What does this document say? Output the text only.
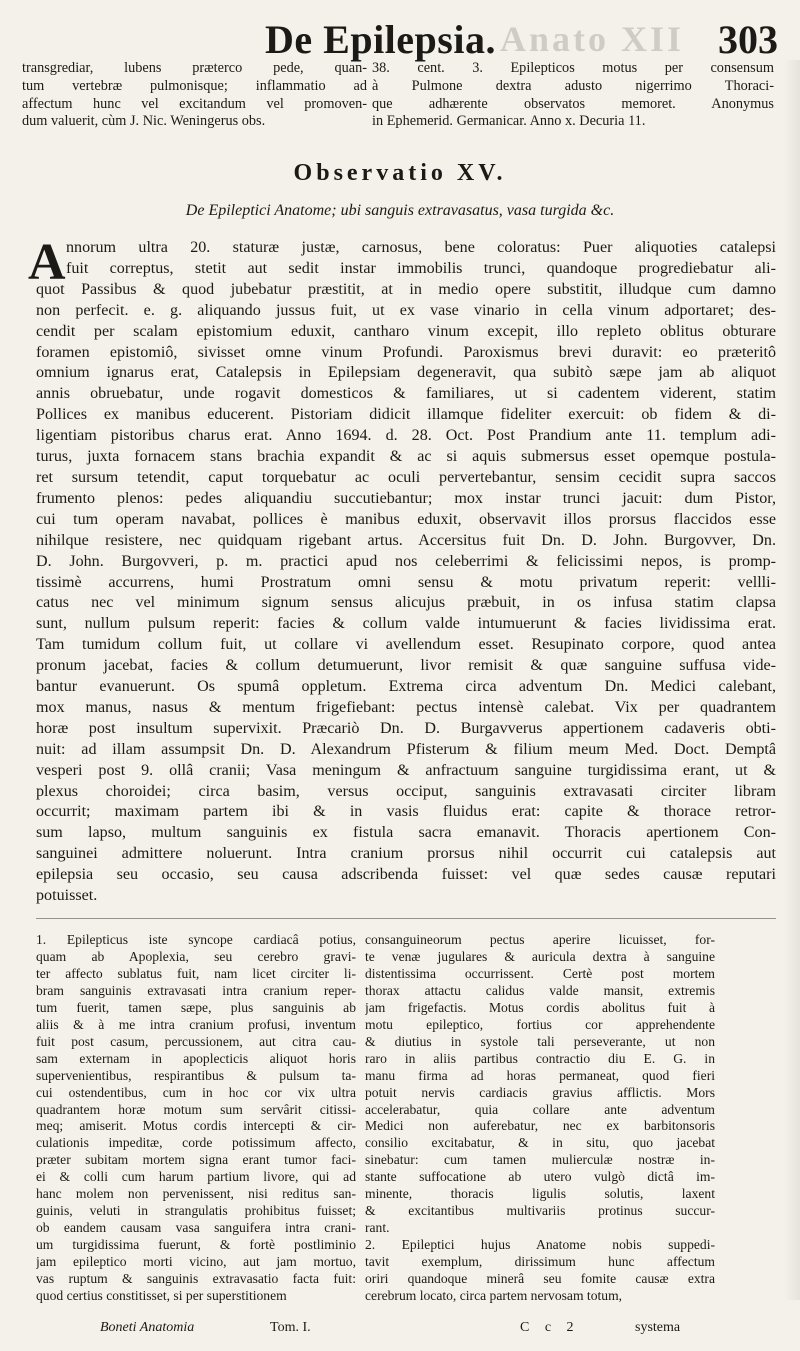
De Epilepsia. Anato XII 303
transgrediar, lubens præterco pede, quan-
tum vertebræ pulmonisque; inflammatio ad
affectum hunc vel excitandum vel promoven-
dum valuerit, cùm J. Nic. Weningerus obs.
38. cent. 3. Epilepticos motus per consensum
à Pulmone dextra adusto nigerrimo Thoraci-
que adhærente observatos memoret. Anonymus
in Ephemerid. Germanicar. Anno x. Decuria 11.
Observatio XV.
De Epileptici Anatome; ubi sanguis extravasatus, vasa turgida &c.
A nnorum ultra 20. staturæ justæ, carnosus, bene coloratus: Puer aliquoties catalepsi
fuit correptus, stetit aut sedit instar immobilis trunci, quandoque progrediebatur ali-
quot Passibus & quod jubebatur præstitit, at in medio opere substitit, illudque cum damno
non perfecit. e. g. aliquando jussus fuit, ut ex vase vinario in cella vinum adportaret; des-
cendit per scalam epistomium eduxit, cantharo vinum excepit, illo repleto oblitus obturare
foramen epistomiô, sivisset omne vinum Profundi. Paroxismus brevi duravit: eo præteritô
omnium ignarus erat, Catalepsis in Epilepsiam degeneravit, qua subitò sæpe jam ab aliquot
annis obruebatur, unde rogavit domesticos & familiares, ut si cadentem viderent, statim
Pollices ex manibus educerent. Pistoriam didicit illamque fideliter exercuit: ob fidem & di-
ligentiam pistoribus charus erat. Anno 1694. d. 28. Oct. Post Prandium ante 11. templum adi-
turus, juxta fornacem stans brachia expandit & ac si aquis submersus esset opemque postula-
ret sursum tetendit, caput torquebatur ac oculi pervertebantur, sensim cecidit supra saccos
frumento plenos: pedes aliquandiu succutiebantur; mox instar trunci jacuit: dum Pistor,
cui tum operam navabat, pollices è manibus eduxit, observavit illos prorsus flaccidos esse
nihilque resistere, nec quidquam rigebant artus. Accersitus fuit Dn. D. John. Burgovver, Dn.
D. John. Burgovveri, p. m. practici apud nos celeberrimi & felicissimi nepos, is promp-
tissimè accurrens, humi Prostratum omni sensu & motu privatum reperit: vellli-
catus nec vel minimum signum sensus alicujus præbuit, in os infusa statim clapsa
sunt, nullum pulsum reperit: facies & collum valde intumuerunt & facies lividissima erat.
Tam tumidum collum fuit, ut collare vi avellendum esset. Resupinato corpore, quod antea
pronum jacebat, facies & collum detumuerunt, livor remisit & quæ sanguine suffusa vide-
bantur evanuerunt. Os spumâ oppletum. Extrema circa adventum Dn. Medici calebant,
mox manus, nasus & mentum frigefiebant: pectus intensè calebat. Vix per quadrantem
horæ post insultum supervixit. Præcariò Dn. D. Burgavverus appertionem cadaveris obti-
nuit: ad illam assumpsit Dn. D. Alexandrum Pfisterum & filium meum Med. Doct. Demptâ
vesperi post 9. ollâ cranii; Vasa meningum & anfractuum sanguine turgidissima erant, ut &
plexus choroidei; circa basim, versus occiput, sanguinis extravasati circiter libram
occurrit; maximam partem ibi & in vasis fluidus erat: capite & thorace retror-
sum lapso, multum sanguinis ex fistula sacra emanavit. Thoracis apertionem Con-
sanguinei admittere noluerunt. Intra cranium prorsus nihil occurrit cui catalepsis aut
epilepsia seu occasio, seu causa adscribenda fuisset: vel quæ sedes causæ reputari
potuisset.
1. Epilepticus iste syncope cardiacâ potius,
quam ab Apoplexia, seu cerebro gravi-
ter affecto sublatus fuit, nam licet circiter li-
bram sanguinis extravasati intra cranium reper-
tum fuerit, tamen sæpe, plus sanguinis ab
aliis & à me intra cranium profusi, inventum
fuit post casum, percussionem, aut citra cau-
sam externam in apoplecticis aliquot horis
supervenientibus, respirantibus & pulsum ta-
cui ostendentibus, cum in hoc cor vix ultra
quadrantem horæ motum sum servârit citissi-
meq; amiserit. Motus cordis intercepti & cir-
culationis impeditæ, corde potissimum affecto,
præter subitam mortem signa erant tumor faci-
ei & colli cum harum partium livore, qui ad
hanc molem non pervenissent, nisi reditus san-
guinis, veluti in strangulatis prohibitus fuisset;
ob eandem causam vasa sanguifera intra crani-
um turgidissima fuerunt, & fortè postliminio
jam epileptico morti vicino, aut jam mortuo,
vas ruptum & sanguinis extravasatio facta fuit:
quod certius constitisset, si per superstitionem
consanguineorum pectus aperire licuisset, for-
te venæ jugulares & auricula dextra à sanguine
distentissima occurrissent. Certè post mortem
thorax attactu calidus valde mansit, extremis
jam frigefactis. Motus cordis abolitus fuit à
motu epileptico, fortius cor apprehendente
& diutius in systole tali perseverante, ut non
raro in aliis partibus contractio diu E. G. in
manu firma ad horas permaneat, quod fieri
potuit nervis cardiacis gravius afflictis. Mors
accelerabatur, quia collare ante adventum
Medici non auferebatur, nec ex barbitonsoris
consilio excitabatur, & in situ, quo jacebat
sinebatur: cum tamen mulierculæ nostræ in-
stante suffocatione ab utero vulgò dictâ im-
minente, thoracis ligulis solutis, laxent
& excitantibus multivariis protinus succur-
rant.
2. Epileptici hujus Anatome nobis suppedi-
tavit exemplum, dirissimum hunc affectum
oriri quandoque minerâ seu fomite causæ extra
cerebrum locato, circa partem nervosam totum,
Boneti Anatomia	Tom. I.	C c 2	systema
